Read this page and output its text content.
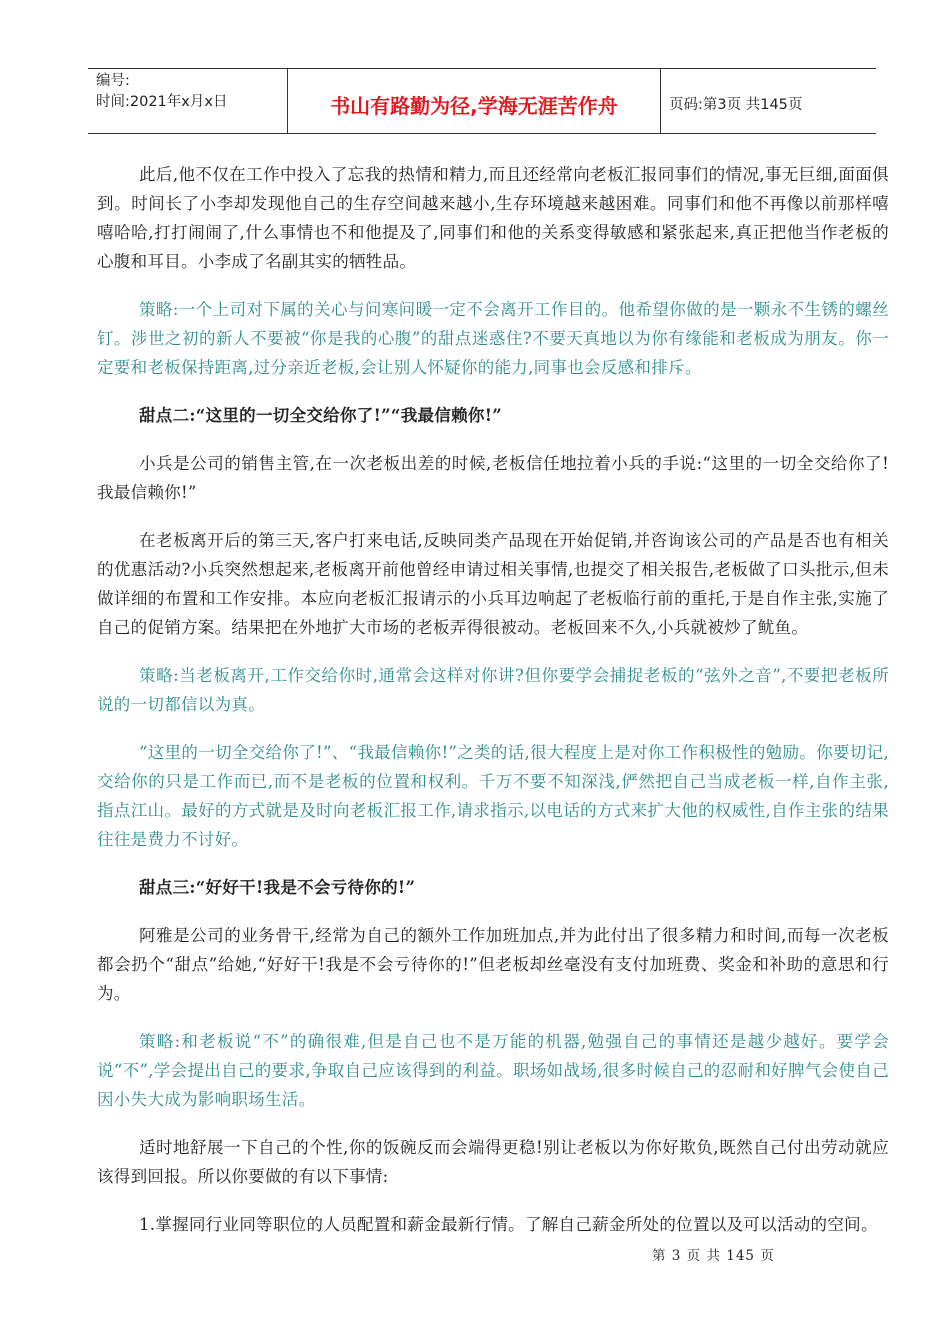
编号:
时间:2021年x月x日	书山有路勤为径,学海无涯苦作舟	页码:第3页 共145页

此后,他不仅在工作中投入了忘我的热情和精力,而且还经常向老板汇报同事们的情况,事无巨细,面面俱到。时间长了小李却发现他自己的生存空间越来越小,生存环境越来越困难。同事们和他不再像以前那样嘻嘻哈哈,打打闹闹了,什么事情也不和他提及了,同事们和他的关系变得敏感和紧张起来,真正把他当作老板的心腹和耳目。小李成了名副其实的牺牲品。

策略:一个上司对下属的关心与问寒问暖一定不会离开工作目的。他希望你做的是一颗永不生锈的螺丝钉。涉世之初的新人不要被“你是我的心腹”的甜点迷惑住?不要天真地以为你有缘能和老板成为朋友。你一定要和老板保持距离,过分亲近老板,会让别人怀疑你的能力,同事也会反感和排斥。

甜点二:“这里的一切全交给你了!”“我最信赖你!”

小兵是公司的销售主管,在一次老板出差的时候,老板信任地拉着小兵的手说:“这里的一切全交给你了!我最信赖你!”

在老板离开后的第三天,客户打来电话,反映同类产品现在开始促销,并咨询该公司的产品是否也有相关的优惠活动?小兵突然想起来,老板离开前他曾经申请过相关事情,也提交了相关报告,老板做了口头批示,但未做详细的布置和工作安排。本应向老板汇报请示的小兵耳边响起了老板临行前的重托,于是自作主张,实施了自己的促销方案。结果把在外地扩大市场的老板弄得很被动。老板回来不久,小兵就被炒了鱿鱼。

策略:当老板离开,工作交给你时,通常会这样对你讲?但你要学会捕捉老板的“弦外之音”,不要把老板所说的一切都信以为真。

“这里的一切全交给你了!”、“我最信赖你!”之类的话,很大程度上是对你工作积极性的勉励。你要切记,交给你的只是工作而已,而不是老板的位置和权利。千万不要不知深浅,俨然把自己当成老板一样,自作主张,指点江山。最好的方式就是及时向老板汇报工作,请求指示,以电话的方式来扩大他的权威性,自作主张的结果往往是费力不讨好。

甜点三:“好好干!我是不会亏待你的!”

阿雅是公司的业务骨干,经常为自己的额外工作加班加点,并为此付出了很多精力和时间,而每一次老板都会扔个“甜点”给她,“好好干!我是不会亏待你的!”但老板却丝毫没有支付加班费、奖金和补助的意思和行为。

策略:和老板说“不”的确很难,但是自己也不是万能的机器,勉强自己的事情还是越少越好。要学会说“不”,学会提出自己的要求,争取自己应该得到的利益。职场如战场,很多时候自己的忍耐和好脾气会使自己因小失大成为影响职场生活。

适时地舒展一下自己的个性,你的饭碗反而会端得更稳!别让老板以为你好欺负,既然自己付出劳动就应该得到回报。所以你要做的有以下事情:

1.掌握同行业同等职位的人员配置和薪金最新行情。了解自己薪金所处的位置以及可以活动的空间。

第 3 页 共 145 页
